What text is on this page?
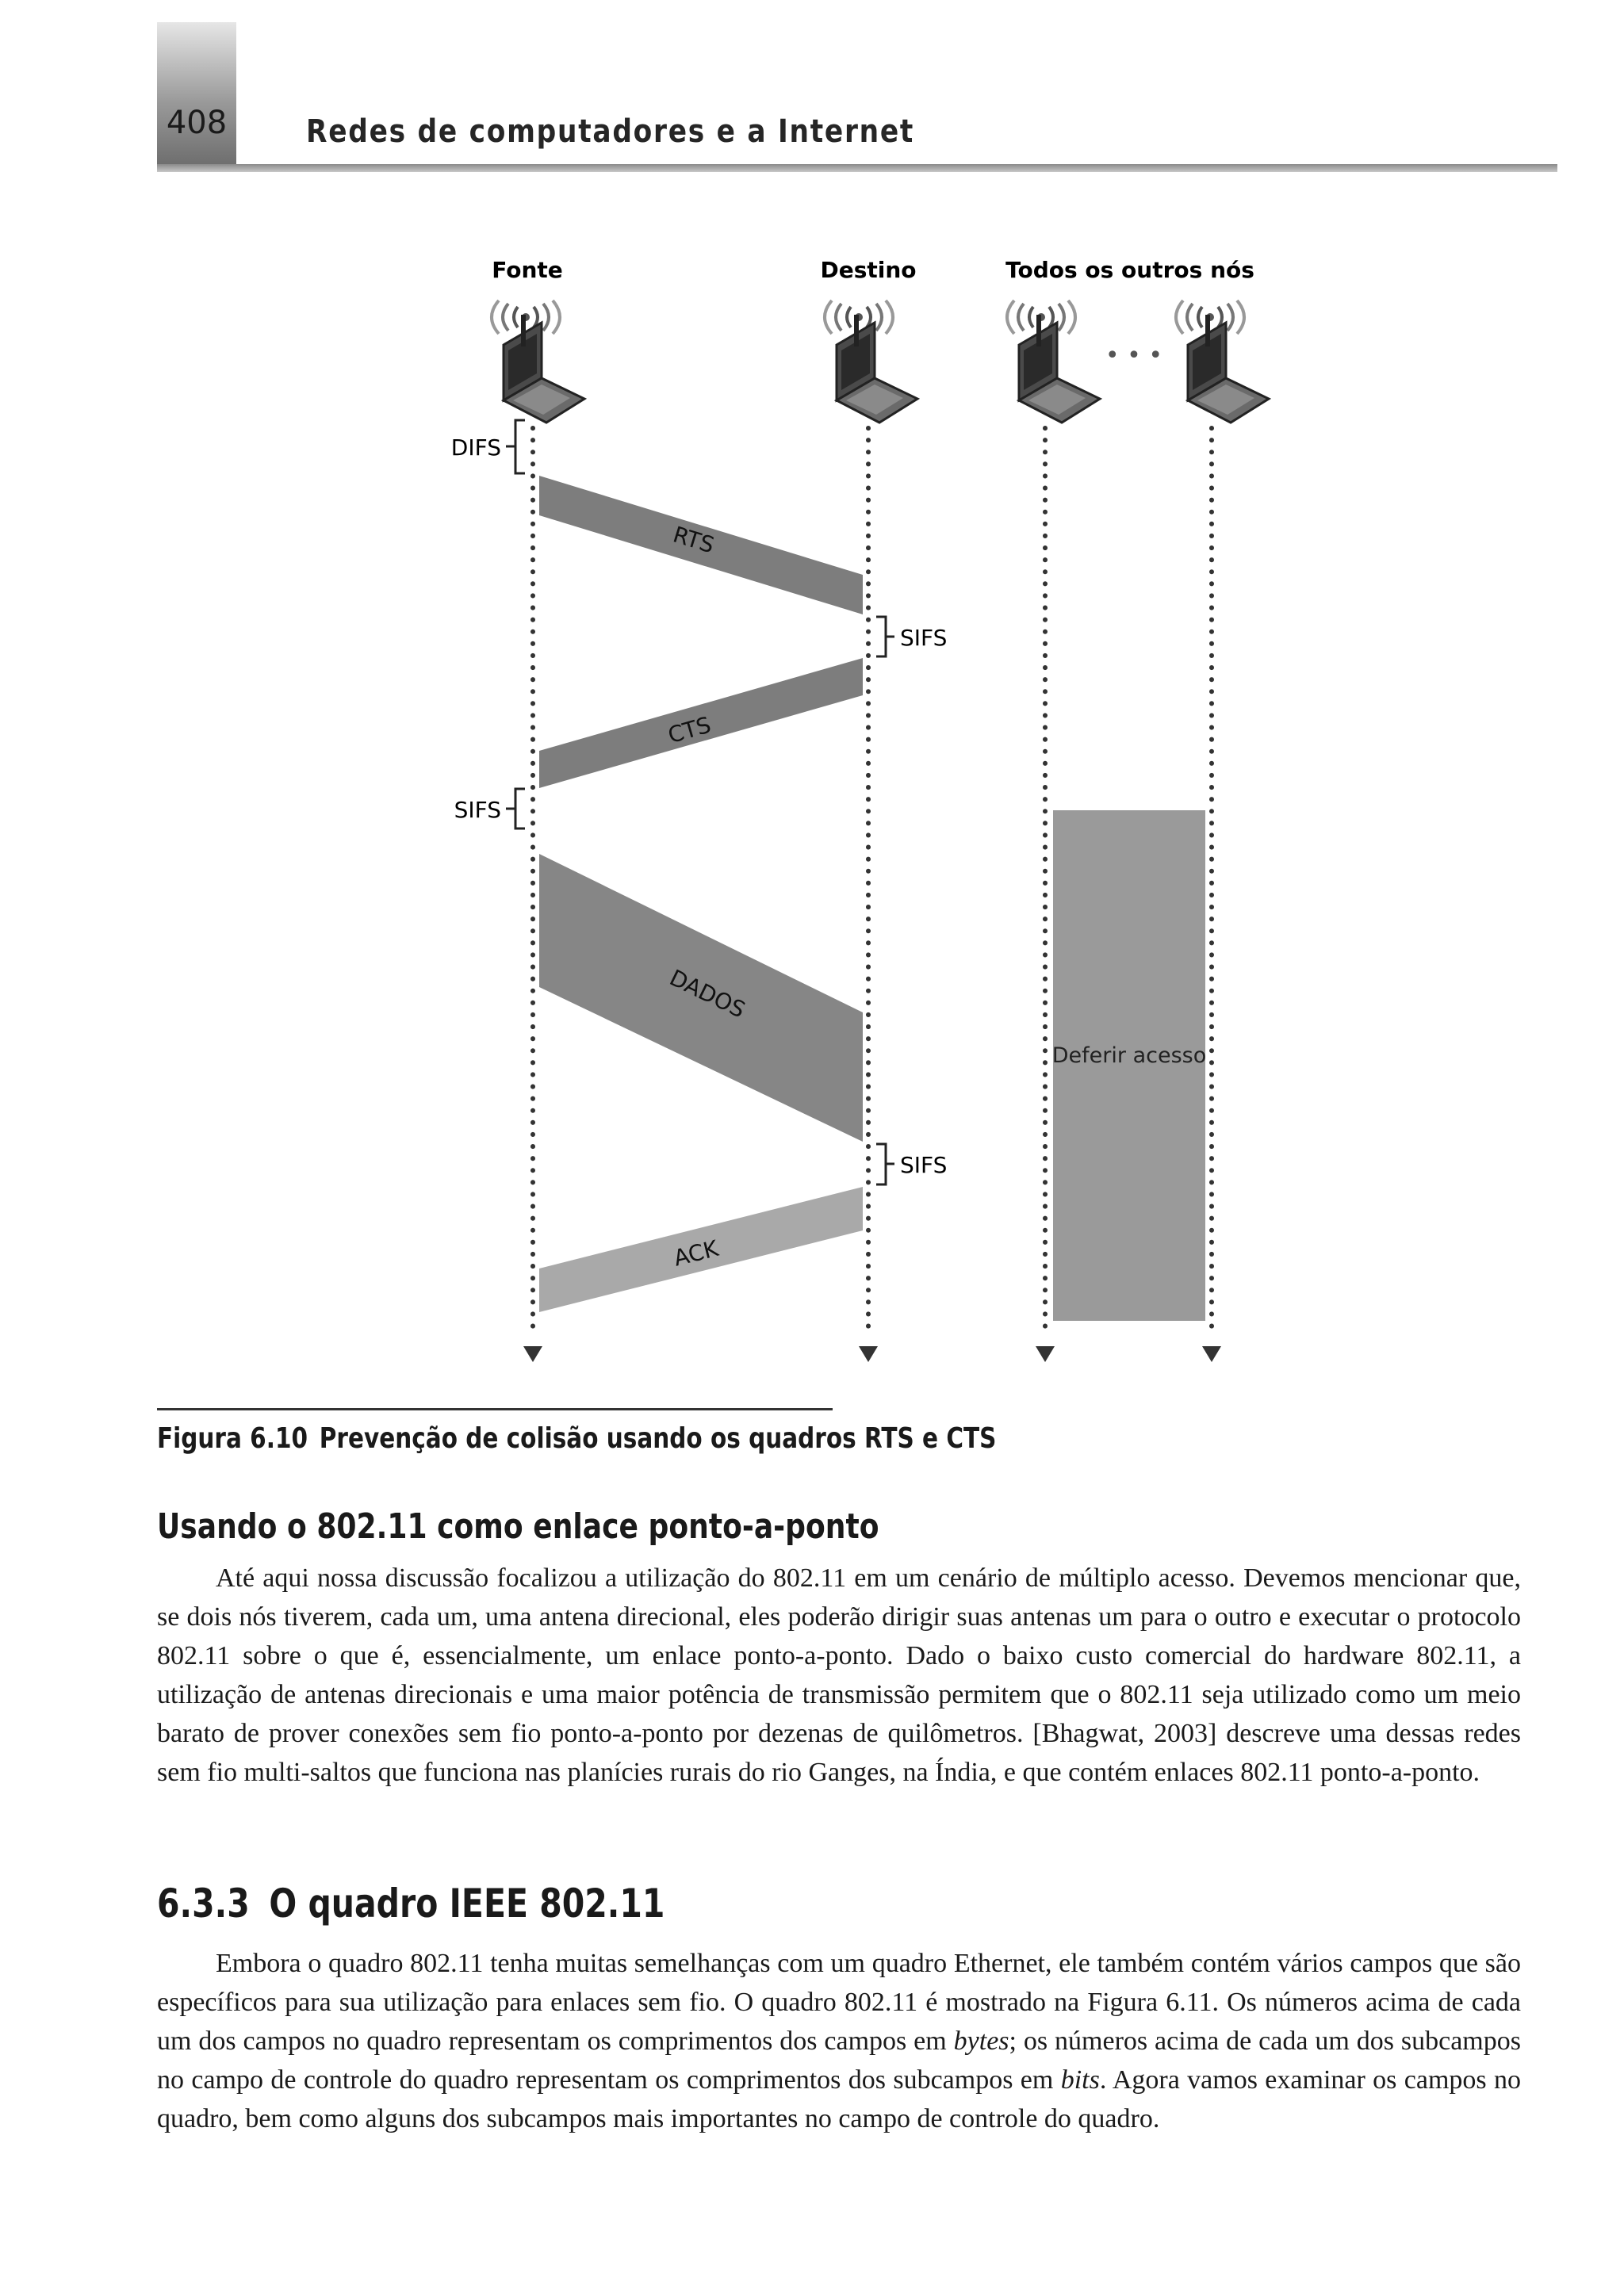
408 Redes de computadores e a Internet
Fonte	Destino	Todos os outros nós
• • •
Deferir acesso
RTS
CTS
DADOS
ACK
DIFS
SIFS
SIFS
SIFS
Figura 6.10 Prevenção de colisão usando os quadros RTS e CTS
Usando o 802.11 como enlace ponto-a-ponto

Até aqui nossa discussão focalizou a utilização do 802.11 em um cenário de múltiplo acesso. Devemos mencionar que, se dois nós tiverem, cada um, uma antena direcional, eles poderão dirigir suas antenas um para o outro e executar o protocolo 802.11 sobre o que é, essencialmente, um enlace ponto-a-ponto. Dado o baixo custo comercial do hardware 802.11, a utilização de antenas direcionais e uma maior potência de transmissão permitem que o 802.11 seja utilizado como um meio barato de prover conexões sem fio ponto-a-ponto por dezenas de quilômetros. [Bhagwat, 2003] descreve uma dessas redes sem fio multi-saltos que funciona nas planícies rurais do rio Ganges, na Índia, e que contém enlaces 802.11 ponto-a-ponto.

6.3.3 O quadro IEEE 802.11

Embora o quadro 802.11 tenha muitas semelhanças com um quadro Ethernet, ele também contém vários campos que são específicos para sua utilização para enlaces sem fio. O quadro 802.11 é mostrado na Figura 6.11. Os números acima de cada um dos campos no quadro representam os comprimentos dos campos em bytes; os números acima de cada um dos subcampos no campo de controle do quadro representam os comprimentos dos subcampos em bits. Agora vamos examinar os campos no quadro, bem como alguns dos subcampos mais importantes no campo de controle do quadro.
